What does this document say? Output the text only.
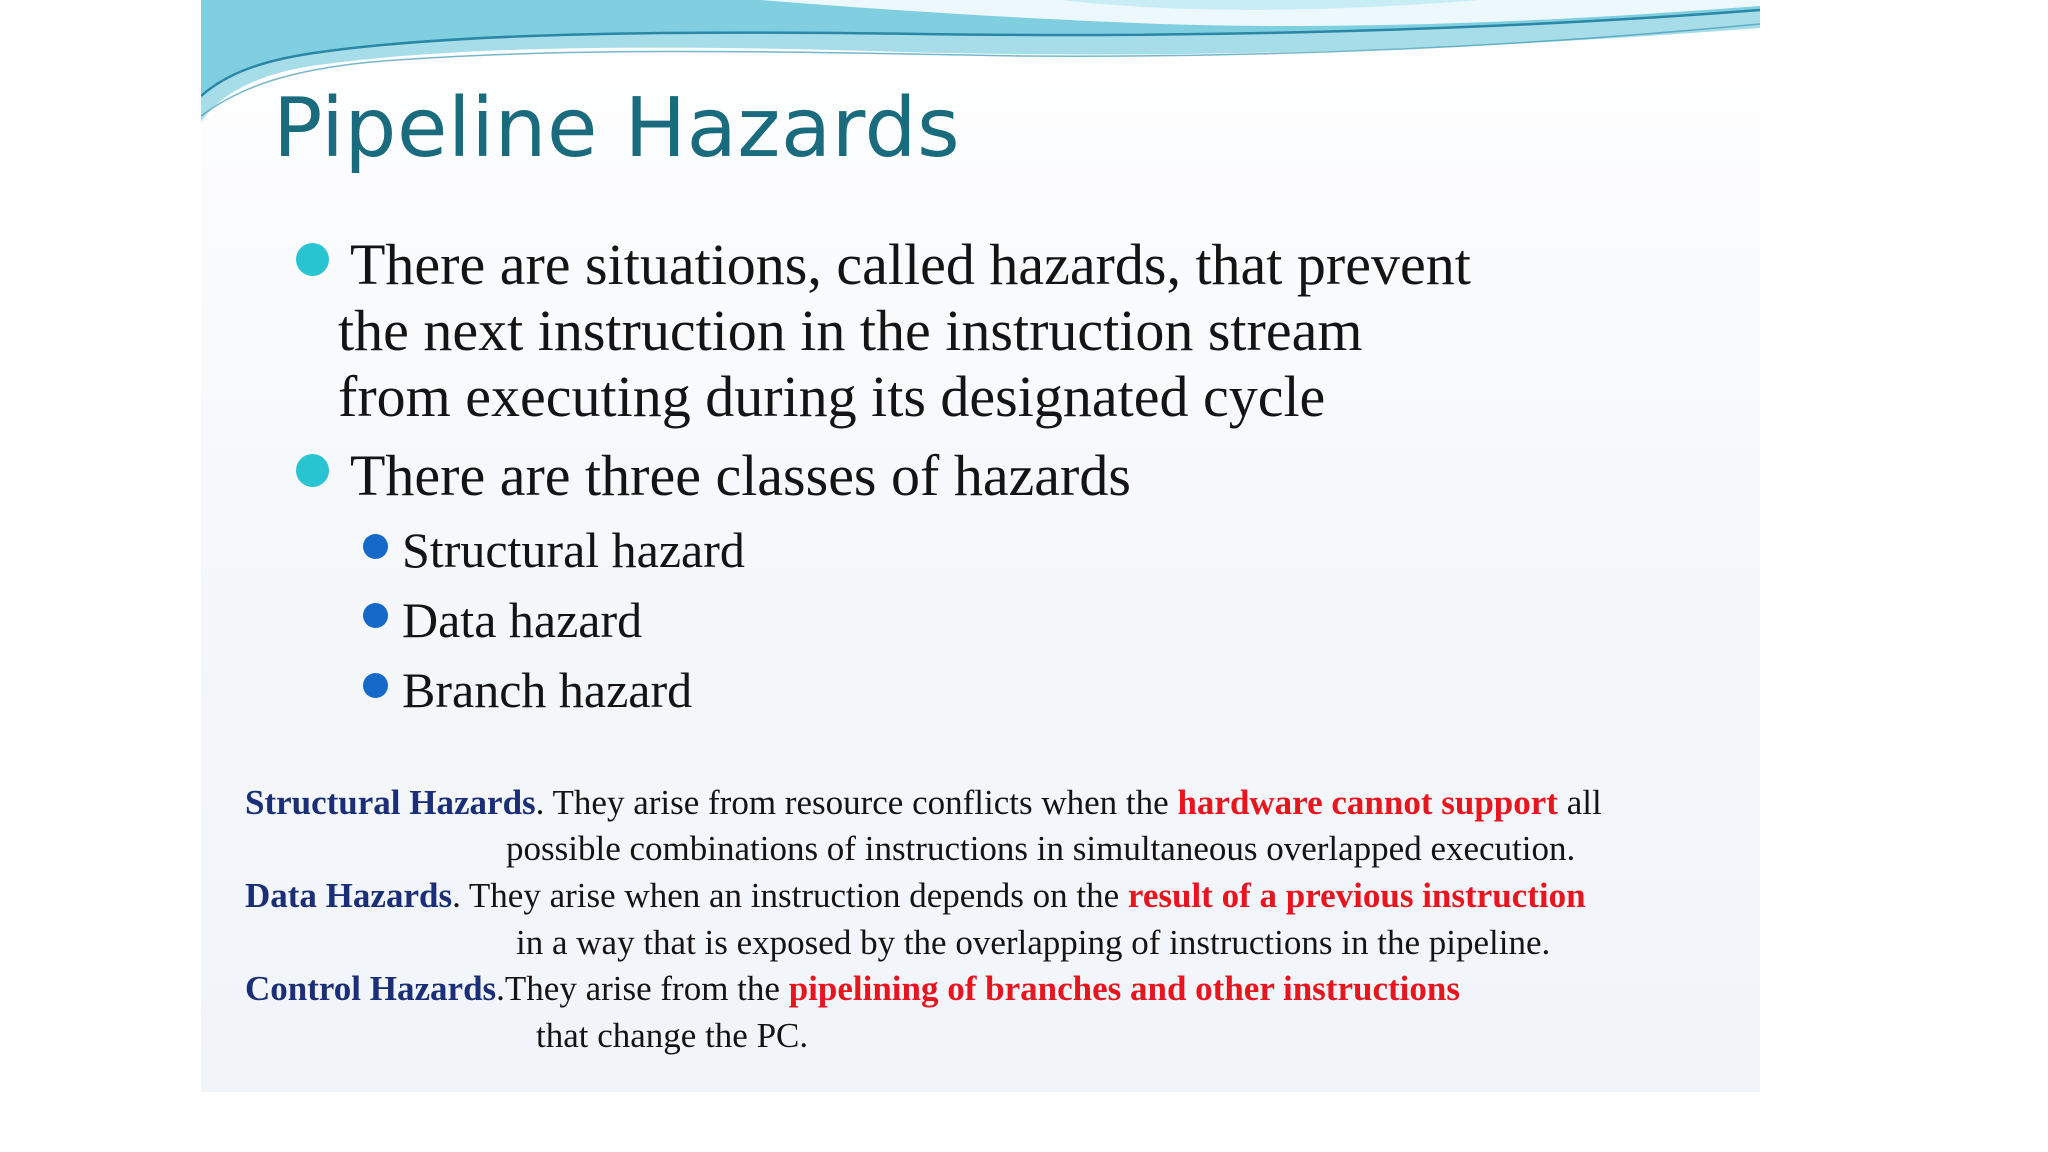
Pipeline Hazards
There are situations, called hazards, that prevent
the next instruction in the instruction stream
from executing during its designated cycle
There are three classes of hazards
Structural hazard
Data hazard
Branch hazard
Structural Hazards. They arise from resource conflicts when the hardware cannot support all
possible combinations of instructions in simultaneous overlapped execution.
Data Hazards. They arise when an instruction depends on the result of a previous instruction
in a way that is exposed by the overlapping of instructions in the pipeline.
Control Hazards.They arise from the pipelining of branches and other instructions
that change the PC.
